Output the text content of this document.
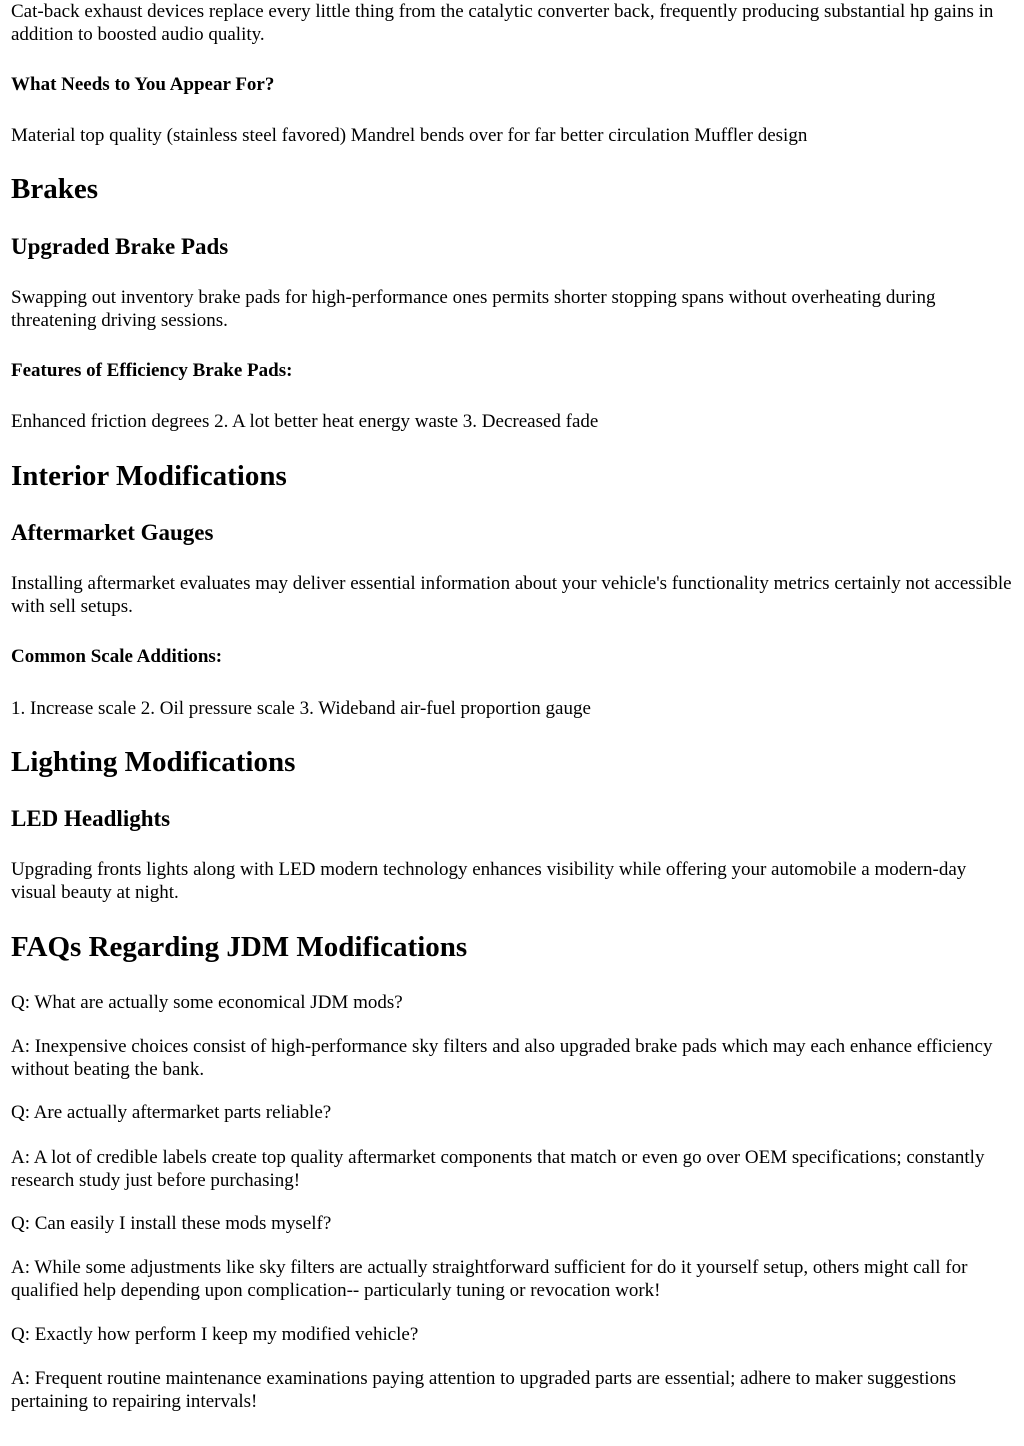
Cat-back exhaust devices replace every little thing from the catalytic converter back, frequently producing substantial hp gains in addition to boosted audio quality.

What Needs to You Appear For?

Material top quality (stainless steel favored) Mandrel bends over for far better circulation Muffler design

Brakes
Upgraded Brake Pads

Swapping out inventory brake pads for high-performance ones permits shorter stopping spans without overheating during threatening driving sessions.

Features of Efficiency Brake Pads:

Enhanced friction degrees 2. A lot better heat energy waste 3. Decreased fade

Interior Modifications
Aftermarket Gauges

Installing aftermarket evaluates may deliver essential information about your vehicle's functionality metrics certainly not accessible with sell setups.

Common Scale Additions:

1. Increase scale 2. Oil pressure scale 3. Wideband air-fuel proportion gauge

Lighting Modifications
LED Headlights

Upgrading fronts lights along with LED modern technology enhances visibility while offering your automobile a modern-day visual beauty at night.

FAQs Regarding JDM Modifications

Q: What are actually some economical JDM mods?

A: Inexpensive choices consist of high-performance sky filters and also upgraded brake pads which may each enhance efficiency without beating the bank.

Q: Are actually aftermarket parts reliable?

A: A lot of credible labels create top quality aftermarket components that match or even go over OEM specifications; constantly research study just before purchasing!

Q: Can easily I install these mods myself?

A: While some adjustments like sky filters are actually straightforward sufficient for do it yourself setup, others might call for qualified help depending upon complication-- particularly tuning or revocation work!

Q: Exactly how perform I keep my modified vehicle?

A: Frequent routine maintenance examinations paying attention to upgraded parts are essential; adhere to maker suggestions pertaining to repairing intervals!
